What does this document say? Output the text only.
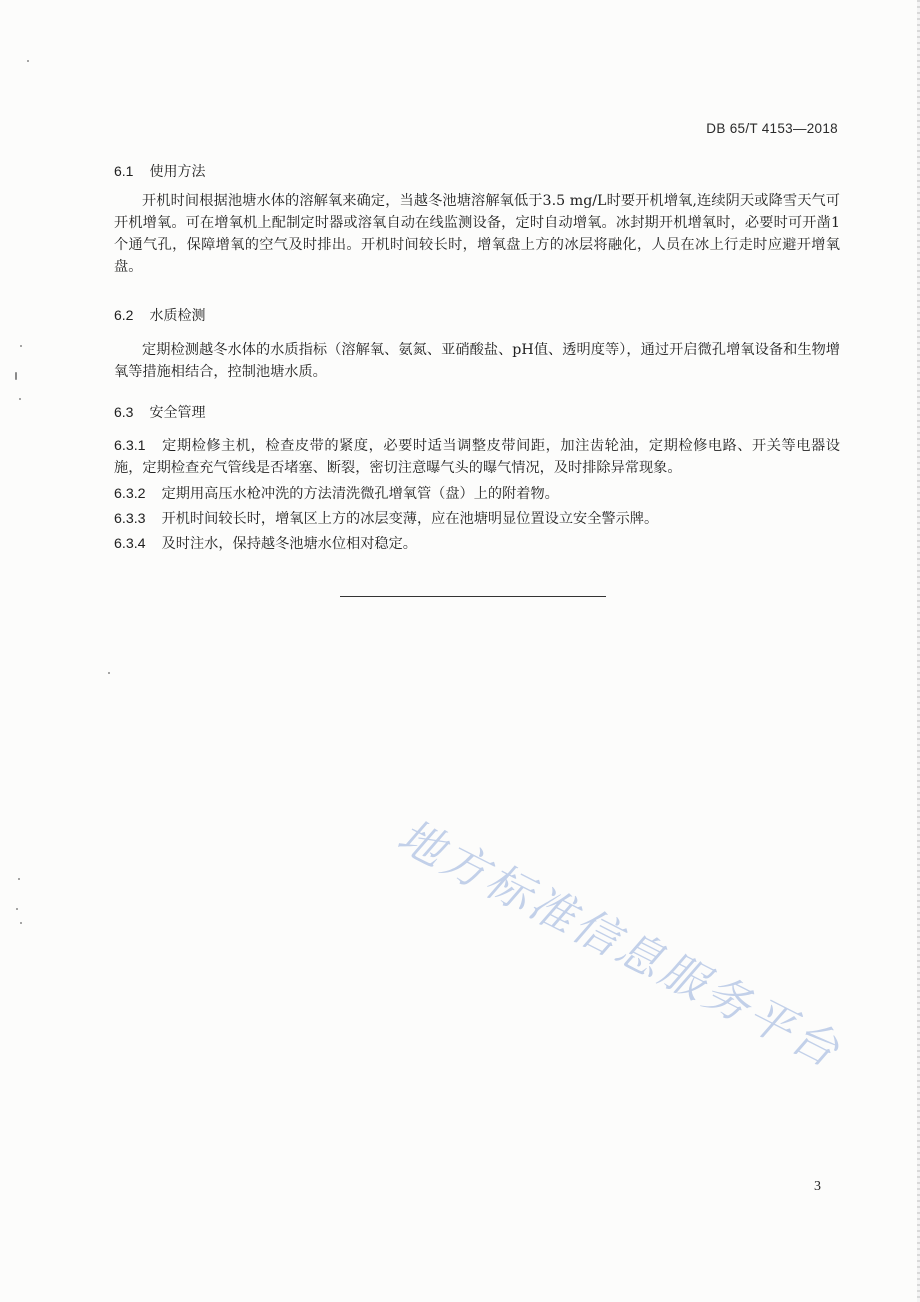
DB 65/T 4153—2018
6.1 使用方法
开机时间根据池塘水体的溶解氧来确定，当越冬池塘溶解氧低于3.5 mg/L时要开机增氧,连续阴天或降雪天气可开机增氧。可在增氧机上配制定时器或溶氧自动在线监测设备，定时自动增氧。冰封期开机增氧时，必要时可开凿1个通气孔，保障增氧的空气及时排出。开机时间较长时，增氧盘上方的冰层将融化，人员在冰上行走时应避开增氧盘。
6.2 水质检测
定期检测越冬水体的水质指标（溶解氧、氨氮、亚硝酸盐、pH值、透明度等），通过开启微孔增氧设备和生物增氧等措施相结合，控制池塘水质。
6.3 安全管理
6.3.1 定期检修主机，检查皮带的紧度，必要时适当调整皮带间距，加注齿轮油，定期检修电路、开关等电器设施，定期检查充气管线是否堵塞、断裂，密切注意曝气头的曝气情况，及时排除异常现象。
6.3.2 定期用高压水枪冲洗的方法清洗微孔增氧管（盘）上的附着物。
6.3.3 开机时间较长时，增氧区上方的冰层变薄，应在池塘明显位置设立安全警示牌。
6.3.4 及时注水，保持越冬池塘水位相对稳定。
地方标准信息服务平台
3
